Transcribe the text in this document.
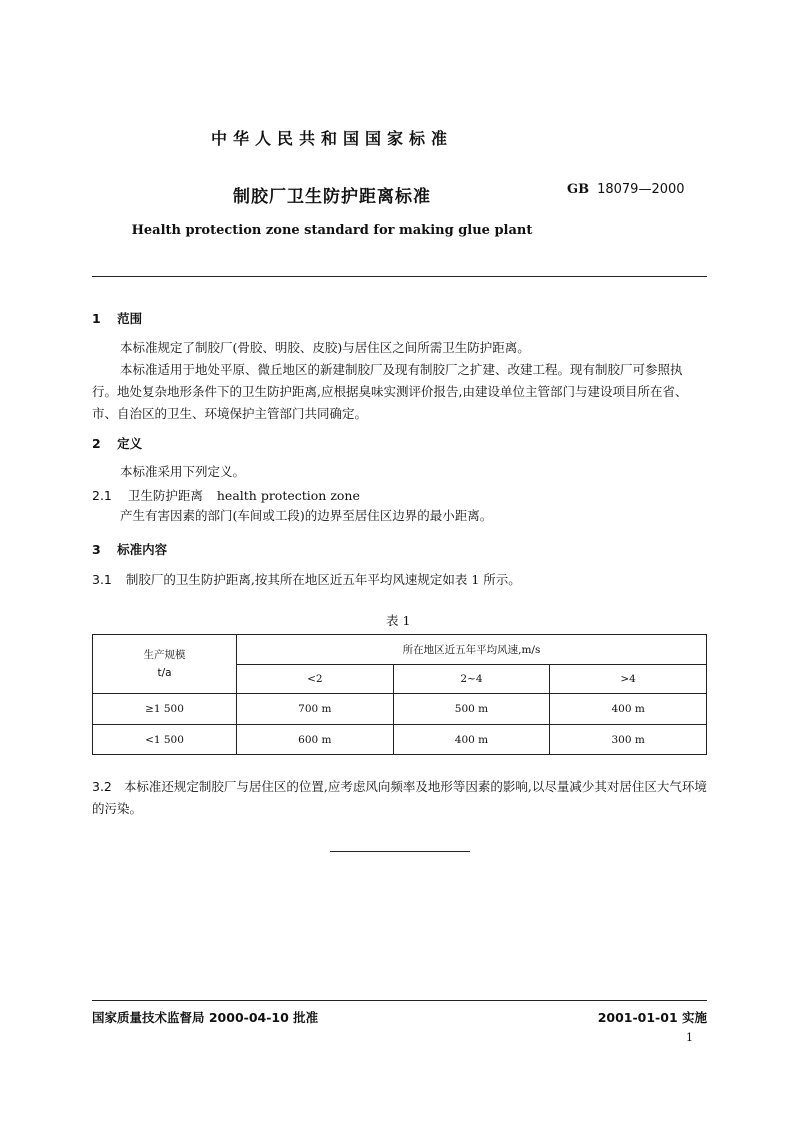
中华人民共和国国家标准
制胶厂卫生防护距离标准	GB 18079—2000
Health protection zone standard for making glue plant
1 范围
本标准规定了制胶厂(骨胶、明胶、皮胶)与居住区之间所需卫生防护距离。
本标准适用于地处平原、微丘地区的新建制胶厂及现有制胶厂之扩建、改建工程。现有制胶厂可参照执行。地处复杂地形条件下的卫生防护距离,应根据臭味实测评价报告,由建设单位主管部门与建设项目所在省、市、自治区的卫生、环境保护主管部门共同确定。
2 定义
本标准采用下列定义。
2.1 卫生防护距离 health protection zone
产生有害因素的部门(车间或工段)的边界至居住区边界的最小距离。
3 标准内容
3.1 制胶厂的卫生防护距离,按其所在地区近五年平均风速规定如表 1 所示。
表 1
生产规模
t/a	所在地区近五年平均风速,m/s		
	<2	2~4	>4
≥1 500	700 m	500 m	400 m
<1 500	600 m	400 m	300 m
3.2 本标准还规定制胶厂与居住区的位置,应考虑风向频率及地形等因素的影响,以尽量减少其对居住区大气环境的污染。
国家质量技术监督局 2000-04-10 批准	2001-01-01 实施
1
